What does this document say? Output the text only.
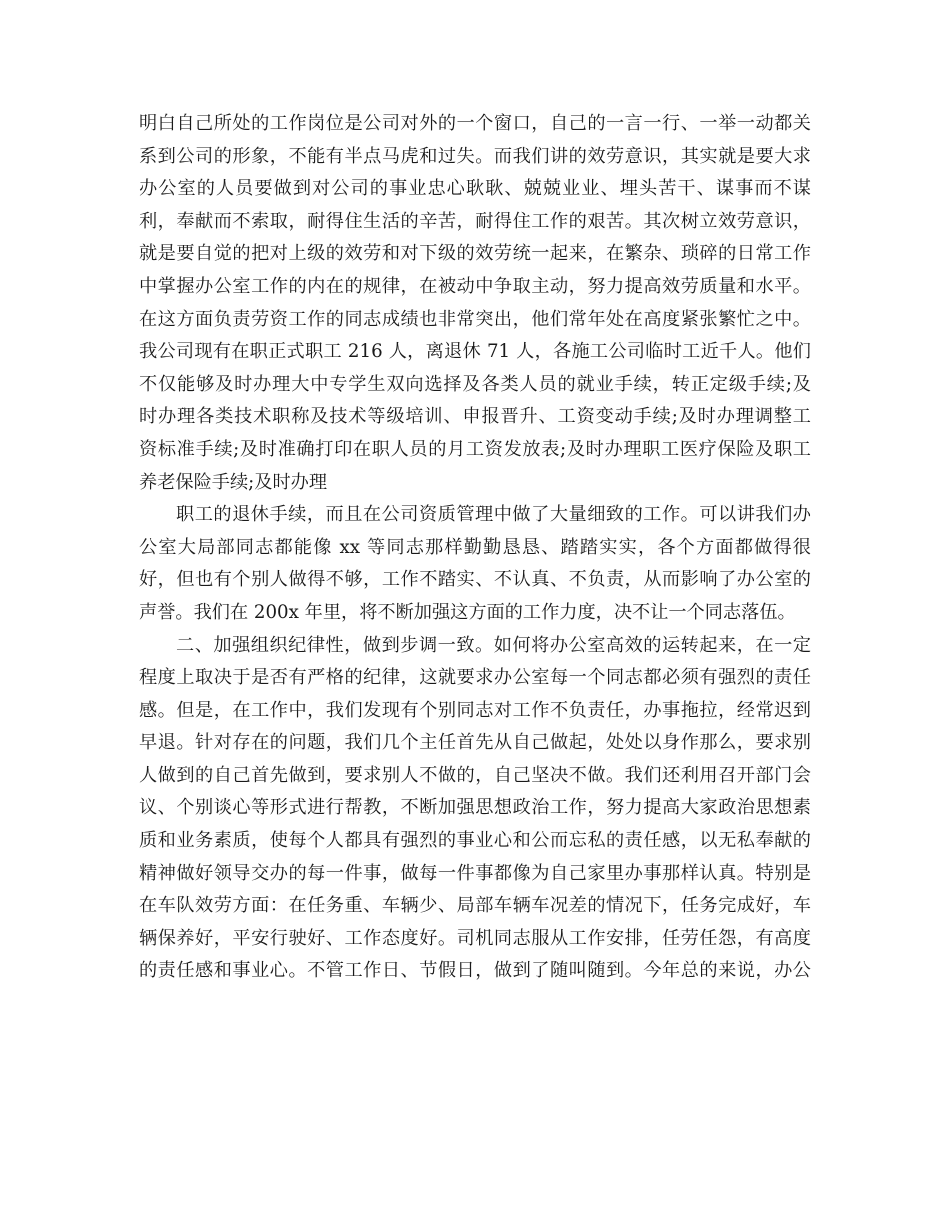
明白自己所处的工作岗位是公司对外的一个窗口，自己的一言一行、一举一动都关
系到公司的形象，不能有半点马虎和过失。而我们讲的效劳意识，其实就是要大求
办公室的人员要做到对公司的事业忠心耿耿、兢兢业业、埋头苦干、谋事而不谋
利，奉献而不索取，耐得住生活的辛苦，耐得住工作的艰苦。其次树立效劳意识，
就是要自觉的把对上级的效劳和对下级的效劳统一起来，在繁杂、琐碎的日常工作
中掌握办公室工作的内在的规律，在被动中争取主动，努力提高效劳质量和水平。
在这方面负责劳资工作的同志成绩也非常突出，他们常年处在高度紧张繁忙之中。
我公司现有在职正式职工 216 人，离退休 71 人，各施工公司临时工近千人。他们
不仅能够及时办理大中专学生双向选择及各类人员的就业手续，转正定级手续;及
时办理各类技术职称及技术等级培训、申报晋升、工资变动手续;及时办理调整工
资标准手续;及时准确打印在职人员的月工资发放表;及时办理职工医疗保险及职工
养老保险手续;及时办理
职工的退休手续，而且在公司资质管理中做了大量细致的工作。可以讲我们办
公室大局部同志都能像 xx 等同志那样勤勤恳恳、踏踏实实，各个方面都做得很
好，但也有个别人做得不够，工作不踏实、不认真、不负责，从而影响了办公室的
声誉。我们在 200x 年里，将不断加强这方面的工作力度，决不让一个同志落伍。
二、加强组织纪律性，做到步调一致。如何将办公室高效的运转起来，在一定
程度上取决于是否有严格的纪律，这就要求办公室每一个同志都必须有强烈的责任
感。但是，在工作中，我们发现有个别同志对工作不负责任，办事拖拉，经常迟到
早退。针对存在的问题，我们几个主任首先从自己做起，处处以身作那么，要求别
人做到的自己首先做到，要求别人不做的，自己坚决不做。我们还利用召开部门会
议、个别谈心等形式进行帮教，不断加强思想政治工作，努力提高大家政治思想素
质和业务素质，使每个人都具有强烈的事业心和公而忘私的责任感，以无私奉献的
精神做好领导交办的每一件事，做每一件事都像为自己家里办事那样认真。特别是
在车队效劳方面：在任务重、车辆少、局部车辆车况差的情况下，任务完成好，车
辆保养好，平安行驶好、工作态度好。司机同志服从工作安排，任劳任怨，有高度
的责任感和事业心。不管工作日、节假日，做到了随叫随到。今年总的来说，办公
